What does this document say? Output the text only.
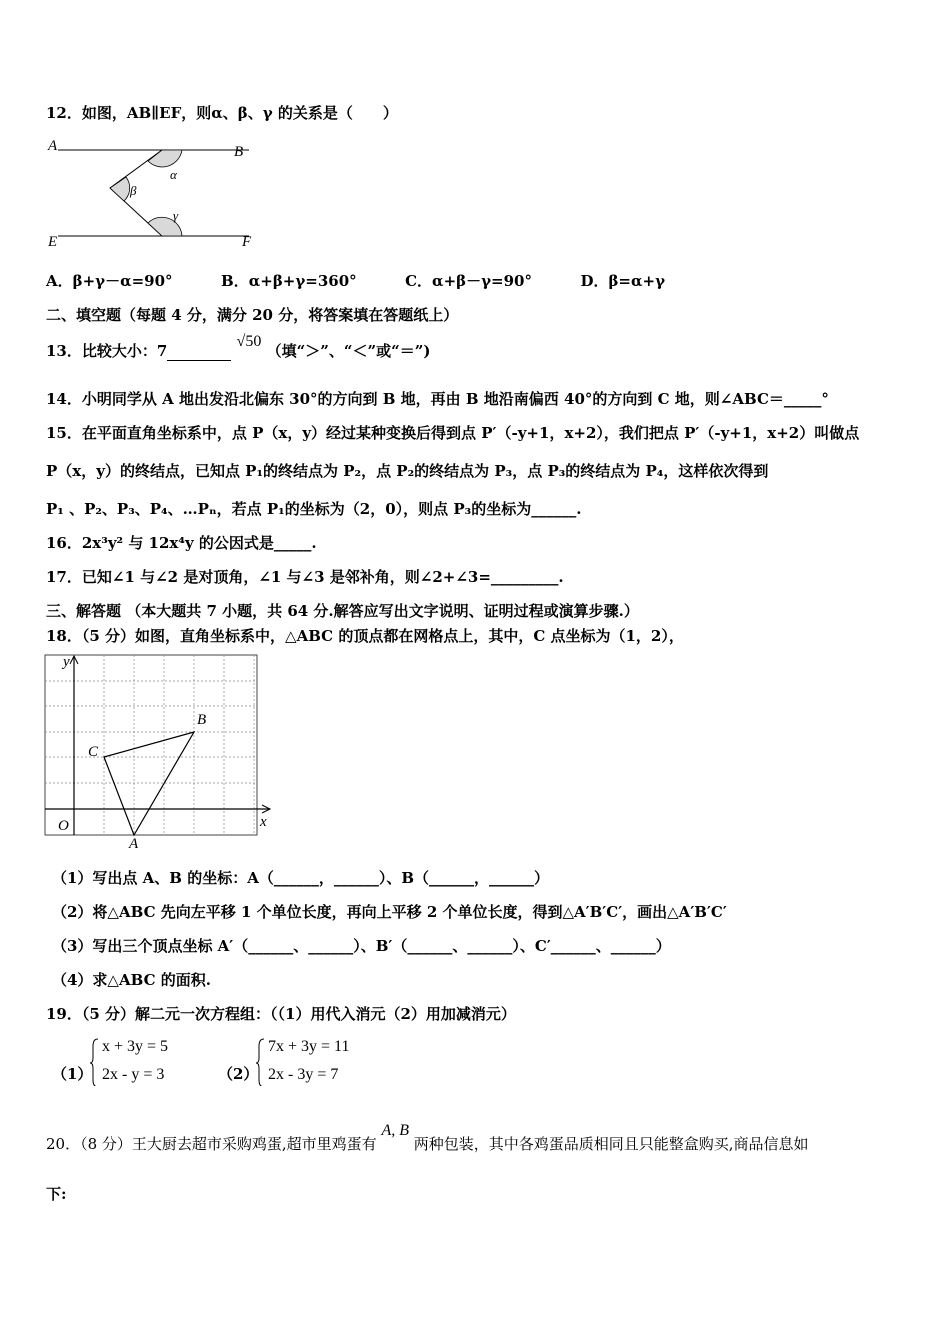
12．如图，AB∥EF，则α、β、γ 的关系是（　　）
A	B
E	F
α
β
γ
A．β+γ－α=90°	B．α+β+γ=360°	C．α+β－γ=90°	D．β=α+γ
二、填空题（每题 4 分，满分 20 分，将答案填在答题纸上）
13．比较大小：7  √50 （填“＞”、“＜”或“＝”)
14．小明同学从 A 地出发沿北偏东 30°的方向到 B 地，再由 B 地沿南偏西 40°的方向到 C 地，则∠ABC＝_____°
15．在平面直角坐标系中，点 P（x，y）经过某种变换后得到点 P′（-y+1，x+2），我们把点 P′（-y+1，x+2）叫做点
P（x，y）的终结点，已知点 P₁的终结点为 P₂，点 P₂的终结点为 P₃，点 P₃的终结点为 P₄，这样依次得到
P₁ 、P₂、P₃、P₄、…Pₙ，若点 P₁的坐标为（2，0），则点 P₃的坐标为______.
16．2x³y² 与 12x⁴y 的公因式是_____.
17．已知∠1 与∠2 是对顶角，∠1 与∠3 是邻补角，则∠2+∠3=_________.
三、解答题 （本大题共 7 小题，共 64 分.解答应写出文字说明、证明过程或演算步骤.）
18．（5 分）如图，直角坐标系中，△ABC 的顶点都在网格点上，其中，C 点坐标为（1，2），
y
x
O
A
B
C
（1）写出点 A、B 的坐标：A（______，______）、B（______，______）
（2）将△ABC 先向左平移 1 个单位长度，再向上平移 2 个单位长度，得到△A′B′C′，画出△A′B′C′
（3）写出三个顶点坐标 A′（______、______）、B′（______、______）、C′______、______）
（4）求△ABC 的面积.
19．（5 分）解二元一次方程组：（（1）用代入消元（2）用加减消元）
（1）
x + 3y = 5
2x - y = 3	（2）
7x + 3y = 11
2x - 3y = 7
20．（8 分）王大厨去超市采购鸡蛋,超市里鸡蛋有 A, B 两种包装，其中各鸡蛋品质相同且只能整盒购买,商品信息如
下:
